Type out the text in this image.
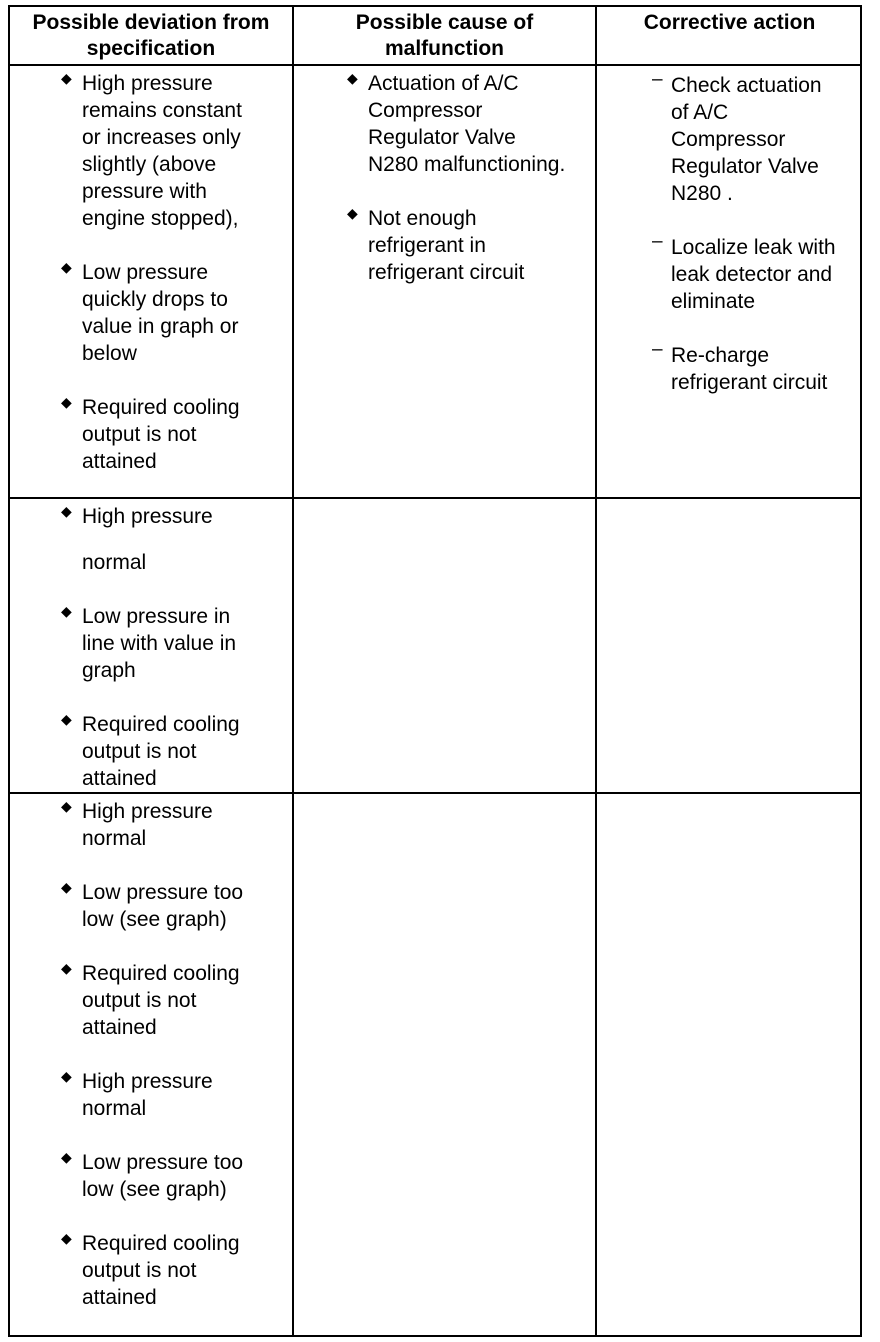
Possible deviation from
specification
Possible cause of
malfunction
Corrective action
◆ High pressure
remains constant
or increases only
slightly (above
pressure with
engine stopped),
◆ Low pressure
quickly drops to
value in graph or
below
◆ Required cooling
output is not
attained
◆ Actuation of A/C
Compressor
Regulator Valve
N280 malfunctioning.
◆ Not enough
refrigerant in
refrigerant circuit
– Check actuation
of A/C
Compressor
Regulator Valve
N280 .
– Localize leak with
leak detector and
eliminate
– Re-charge
refrigerant circuit
◆ High pressure
normal
◆ Low pressure in
line with value in
graph
◆ Required cooling
output is not
attained
◆ High pressure
normal
◆ Low pressure too
low (see graph)
◆ Required cooling
output is not
attained
◆ High pressure
normal
◆ Low pressure too
low (see graph)
◆ Required cooling
output is not
attained
